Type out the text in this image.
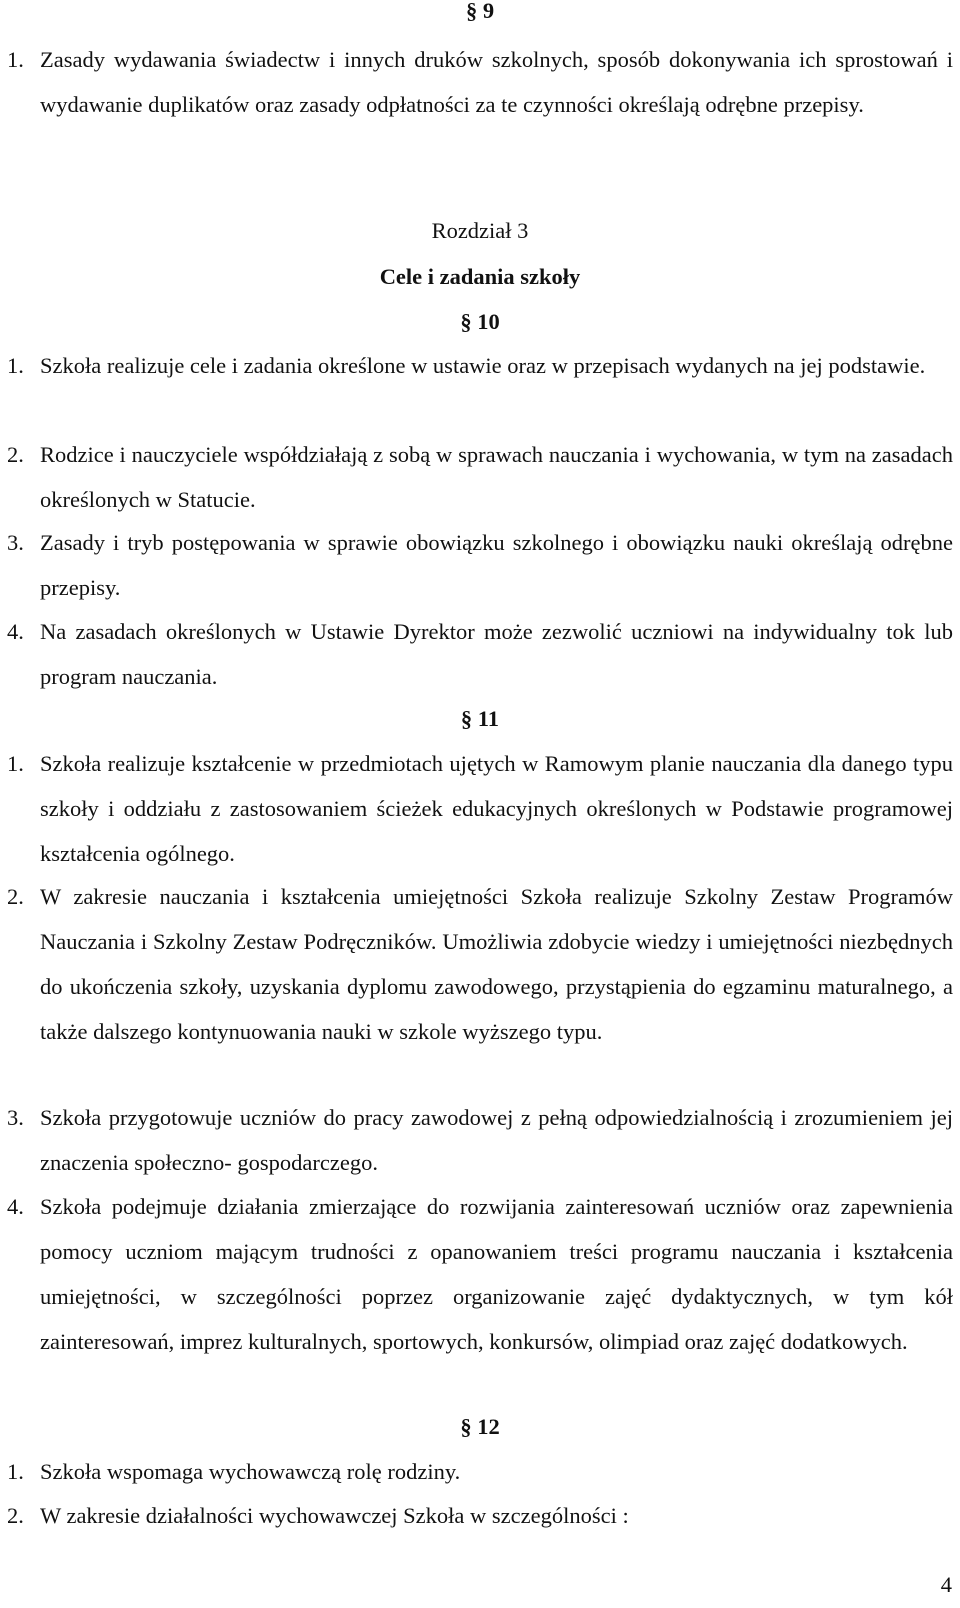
§ 9
1. Zasady wydawania świadectw i innych druków szkolnych, sposób dokonywania ich sprostowań i wydawanie duplikatów oraz zasady odpłatności za te czynności określają odrębne przepisy.
Rozdział 3
Cele i zadania szkoły
§ 10
1. Szkoła realizuje cele i zadania określone w ustawie oraz w przepisach wydanych na jej podstawie.
2. Rodzice i nauczyciele współdziałają z sobą w sprawach nauczania i wychowania, w tym na zasadach określonych w Statucie.
3. Zasady i tryb postępowania w sprawie obowiązku szkolnego i obowiązku nauki określają odrębne przepisy.
4. Na zasadach określonych w Ustawie Dyrektor może zezwolić uczniowi na indywidualny tok lub program nauczania.
§ 11
1. Szkoła realizuje kształcenie w przedmiotach ujętych w Ramowym planie nauczania dla danego typu szkoły i oddziału z zastosowaniem ścieżek edukacyjnych określonych w Podstawie programowej kształcenia ogólnego.
2. W zakresie nauczania i kształcenia umiejętności Szkoła realizuje Szkolny Zestaw Programów Nauczania i Szkolny Zestaw Podręczników. Umożliwia zdobycie wiedzy i umiejętności niezbędnych do ukończenia szkoły, uzyskania dyplomu zawodowego, przystąpienia do egzaminu maturalnego, a także dalszego kontynuowania nauki w szkole wyższego typu.
3. Szkoła przygotowuje uczniów do pracy zawodowej z pełną odpowiedzialnością i zrozumieniem jej znaczenia społeczno- gospodarczego.
4. Szkoła podejmuje działania zmierzające do rozwijania zainteresowań uczniów oraz zapewnienia pomocy uczniom mającym trudności z opanowaniem treści programu nauczania i kształcenia umiejętności, w szczególności poprzez organizowanie zajęć dydaktycznych, w tym kół zainteresowań, imprez kulturalnych, sportowych, konkursów, olimpiad oraz zajęć dodatkowych.
§ 12
1. Szkoła wspomaga wychowawczą rolę rodziny.
2. W zakresie działalności wychowawczej Szkoła w szczególności :
4
